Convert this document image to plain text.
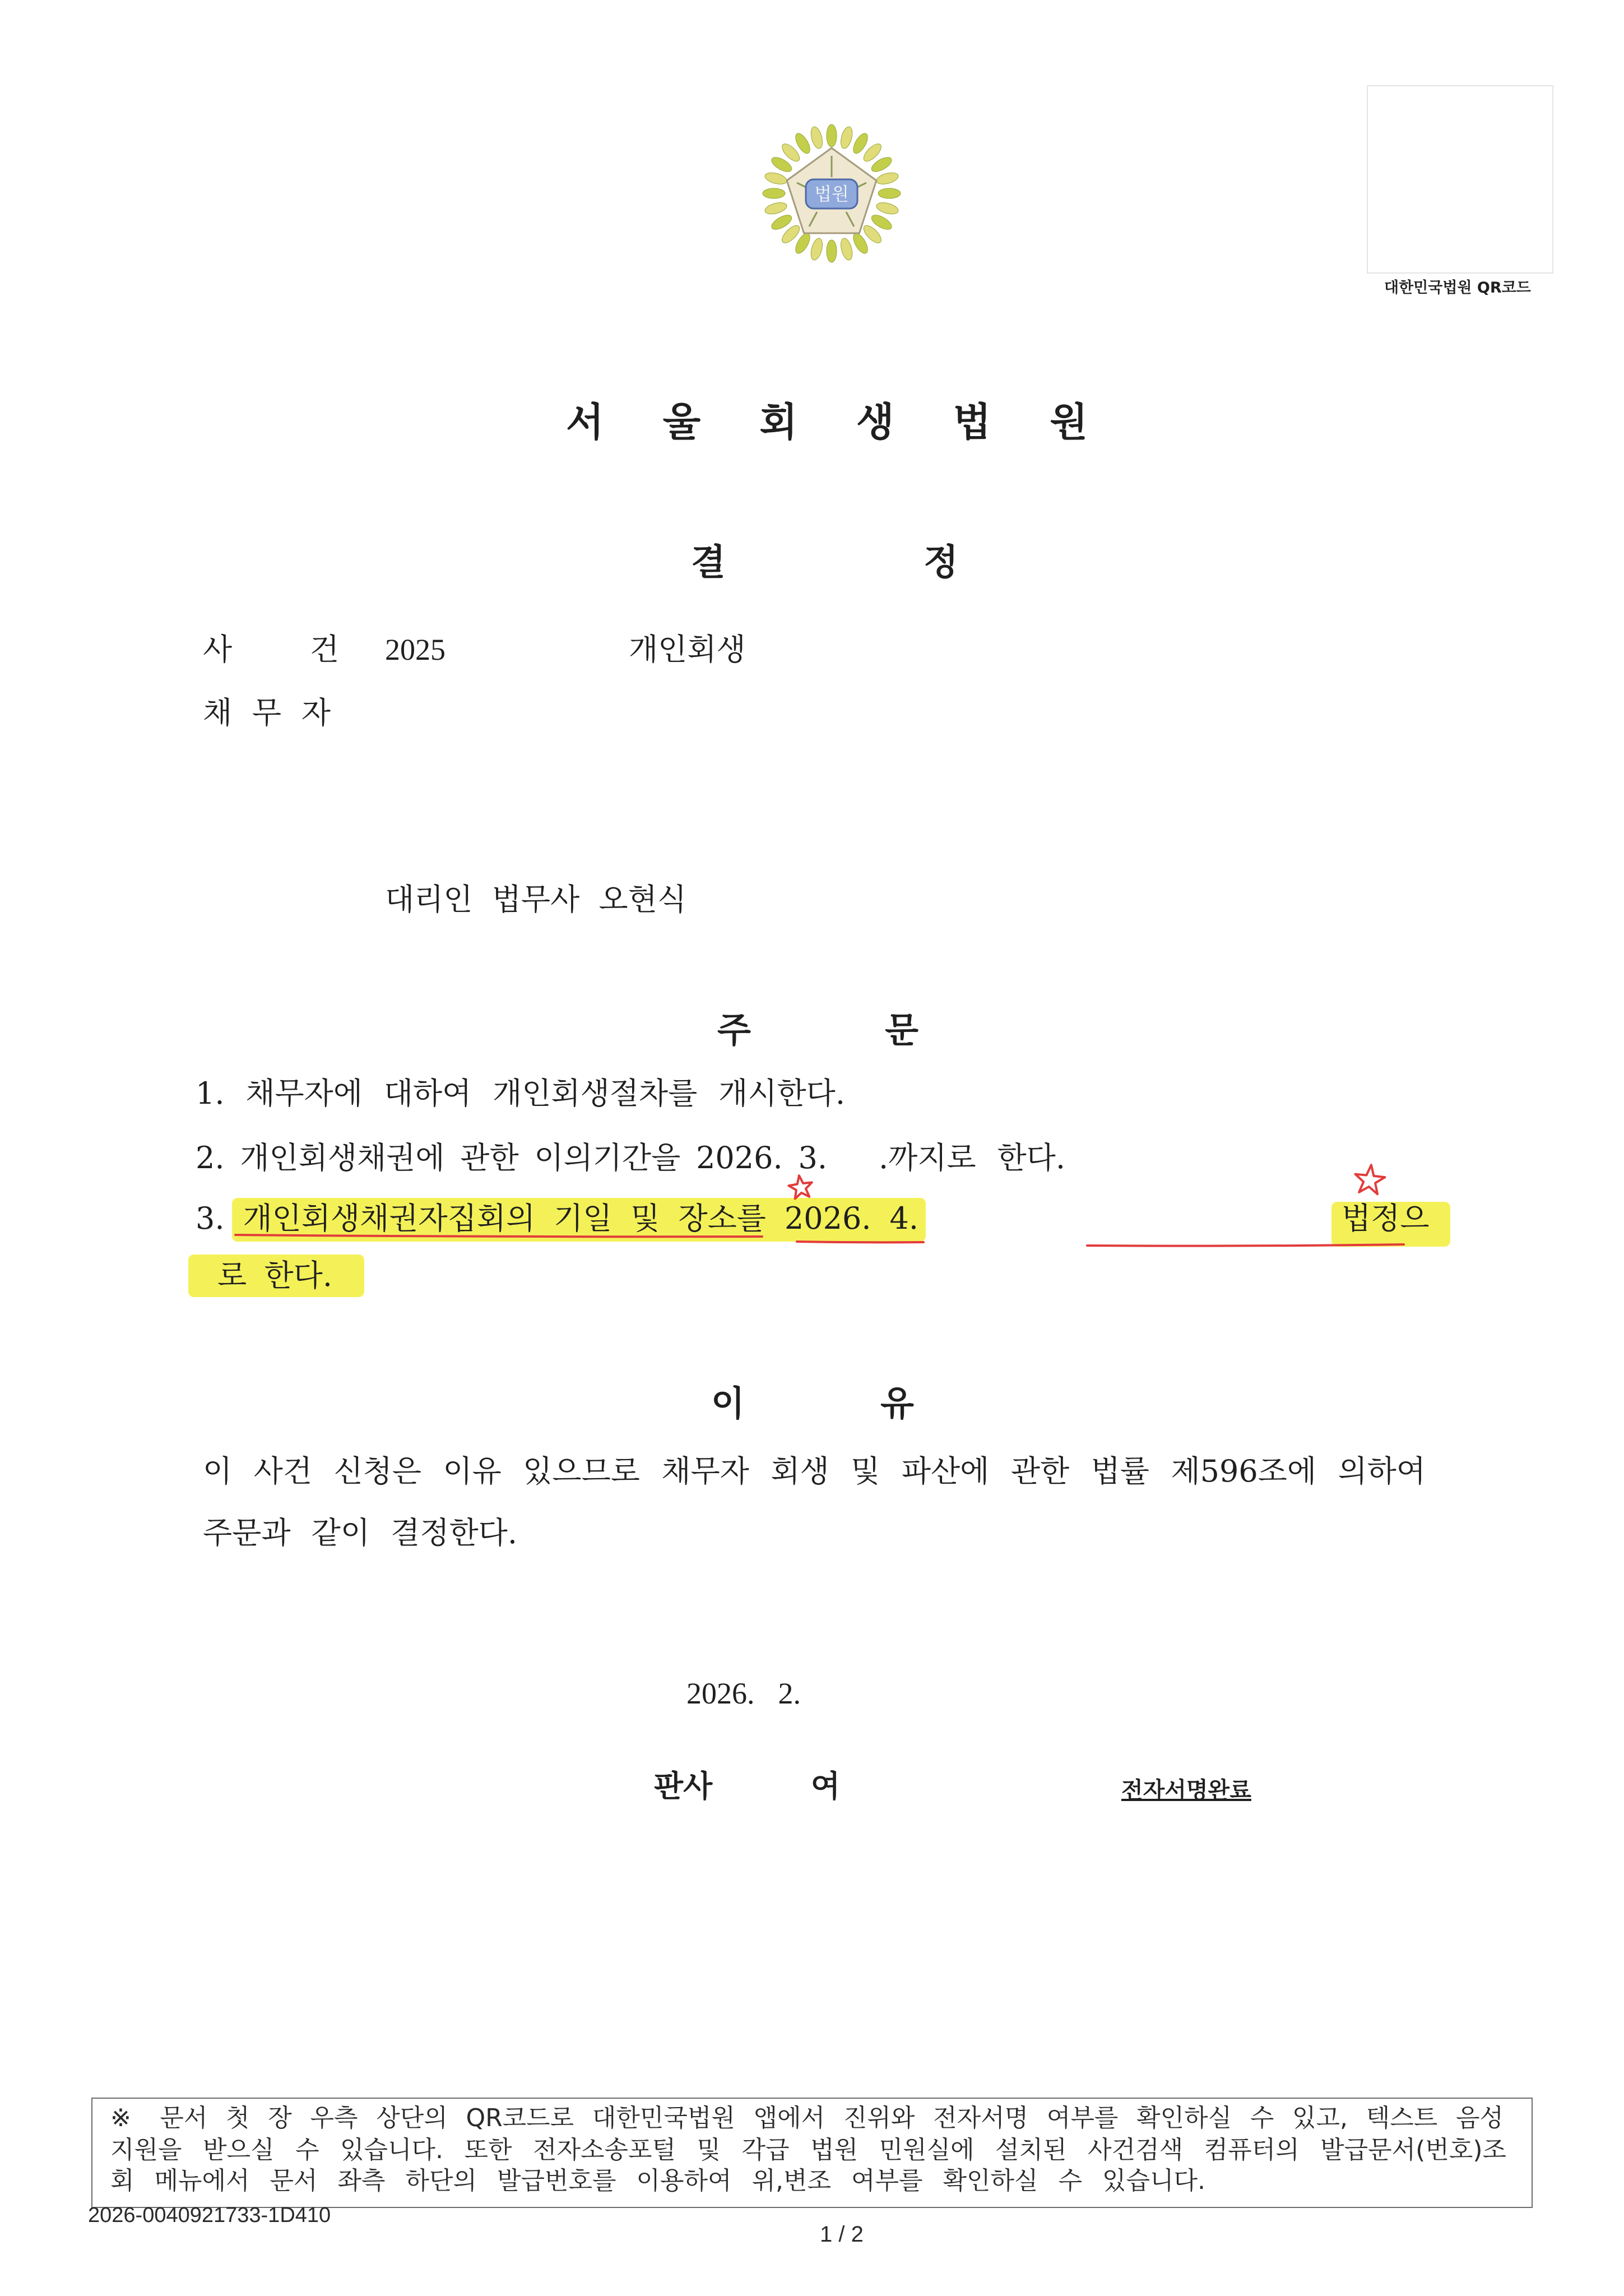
법원
대한민국법원 QR코드
서 울 회 생 법 원
결 정
사 건 2025	개인회생
채 무 자
대리인 법무사 오현식
주 문
1. 채무자에 대하여 개인회생절차를 개시한다.
2. 개인회생채권에 관한 이의기간을 2026. 3. .까지로 한다.
3. 개인회생채권자집회의 기일 및 장소를 2026. 4.	법정으
로 한다.
이 유
이 사건 신청은 이유 있으므로 채무자 회생 및 파산에 관한 법률 제596조에 의하여
주문과 같이 결정한다.
2026. 2.
판사	여	전자서명완료
※ 문서 첫 장 우측 상단의 QR코드로 대한민국법원 앱에서 진위와 전자서명 여부를 확인하실 수 있고, 텍스트 음성
지원을 받으실 수 있습니다. 또한 전자소송포털 및 각급 법원 민원실에 설치된 사건검색 컴퓨터의 발급문서(번호)조
회 메뉴에서 문서 좌측 하단의 발급번호를 이용하여 위,변조 여부를 확인하실 수 있습니다.
2026-0040921733-1D410
1 / 2
